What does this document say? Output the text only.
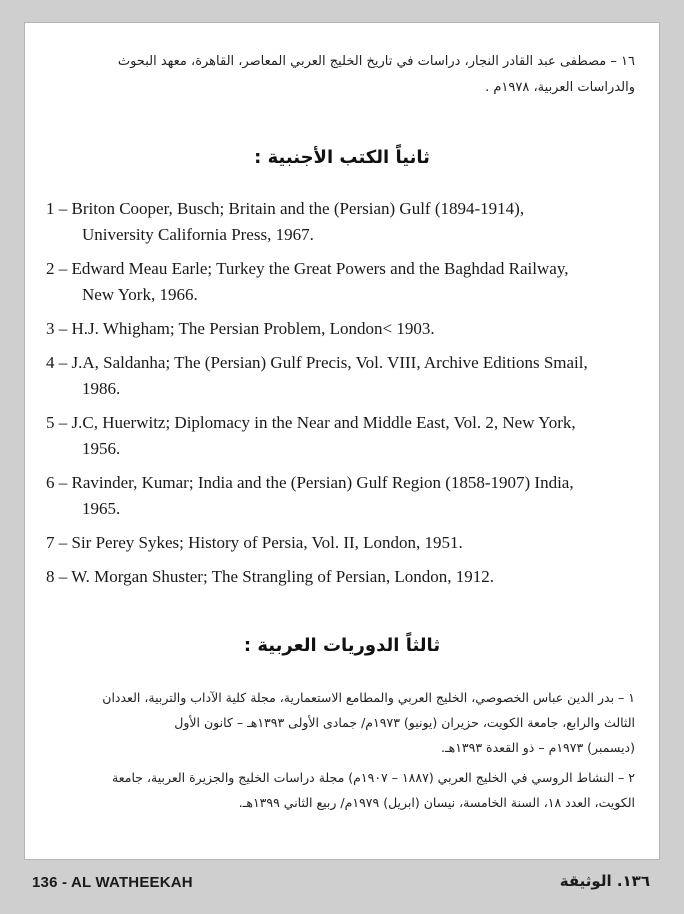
١٦ – مصطفى عبد القادر النجار، دراسات في تاريخ الخليج العربي المعاصر، القاهرة، معهد البحوث

والدراسات العربية، ١٩٧٨م .

ثانياً الكتب الأجنبية :
1 – Briton Cooper, Busch; Britain and the (Persian) Gulf (1894-1914),
University California Press, 1967.
2 – Edward Meau Earle; Turkey the Great Powers and the Baghdad Railway,
New York, 1966.
3 – H.J. Whigham; The Persian Problem, London< 1903.
4 – J.A, Saldanha; The (Persian) Gulf Precis, Vol. VIII, Archive Editions Smail,
1986.
5 – J.C, Huerwitz; Diplomacy in the Near and Middle East, Vol. 2, New York,
1956.
6 – Ravinder, Kumar; India and the (Persian) Gulf Region (1858-1907) India,
1965.
7 – Sir Perey Sykes; History of Persia, Vol. II, London, 1951.
8 – W. Morgan Shuster; The Strangling of Persian, London, 1912.
ثالثاً الدوريات العربية :

١ – بدر الدين عباس الخصوصي، الخليج العربي والمطامع الاستعمارية، مجلة كلية الآداب والتربية، العددان
الثالث والرابع، جامعة الكويت، حزيران (يونيو) ١٩٧٣م/ جمادى الأولى ١٣٩٣هـ – كانون الأول
(ديسمبر) ١٩٧٣م – ذو القعدة ١٣٩٣هـ.

٢ – النشاط الروسي في الخليج العربي (١٨٨٧ – ١٩٠٧م) مجلة دراسات الخليج والجزيرة العربية، جامعة
الكويت، العدد ١٨، السنة الخامسة، نيسان (ابريل) ١٩٧٩م/ ربيع الثاني ١٣٩٩هـ.

136 - AL WATHEEKAH	١٣٦. الوثيقة
